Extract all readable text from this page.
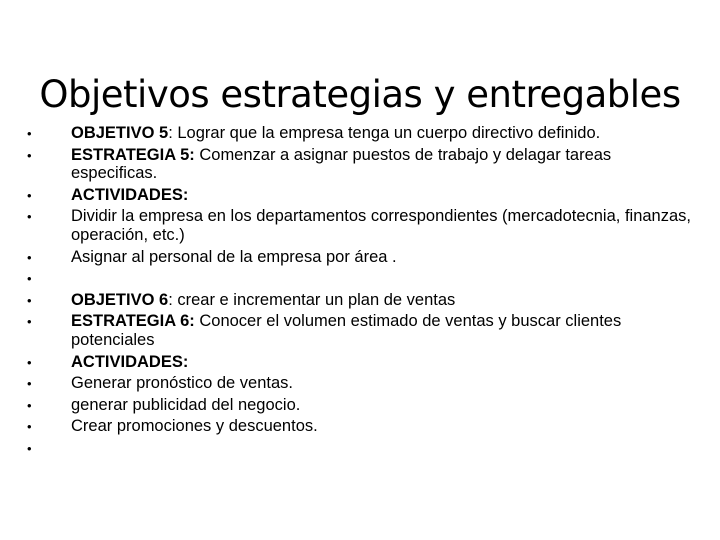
Objetivos estrategias y entregables
•	OBJETIVO 5: Lograr que la empresa tenga un cuerpo directivo definido.
•	ESTRATEGIA 5: Comenzar a asignar puestos de trabajo y delagar tareas especificas.
•	ACTIVIDADES:
•	Dividir la empresa en los departamentos correspondientes (mercadotecnia, finanzas, operación, etc.)
•	Asignar al personal de la empresa por área .
•
•	OBJETIVO 6: crear e incrementar un plan de ventas
•	ESTRATEGIA 6: Conocer el volumen estimado de ventas y buscar clientes potenciales
•	ACTIVIDADES:
•	Generar pronóstico de ventas.
•	generar publicidad del negocio.
•	Crear promociones y descuentos.
•
